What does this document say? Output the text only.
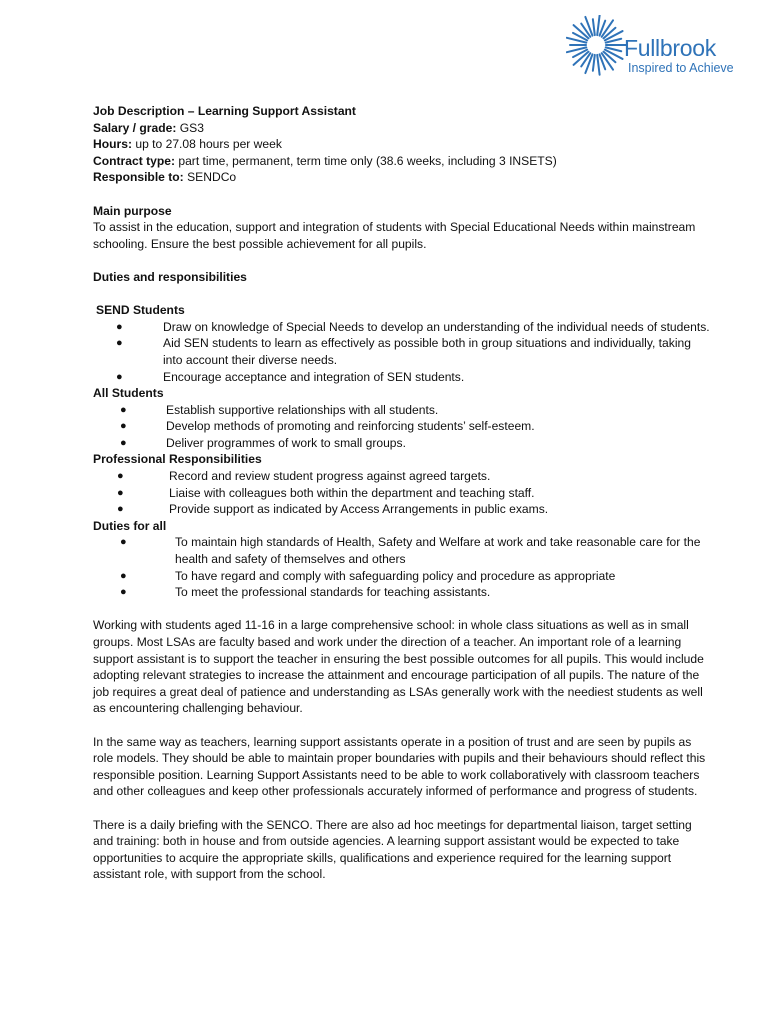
Fullbrook
Inspired to Achieve

Job Description – Learning Support Assistant

Salary / grade: GS3

Hours: up to 27.08 hours per week

Contract type: part time, permanent, term time only (38.6 weeks, including 3 INSETS)

Responsible to: SENDCo

Main purpose

To assist in the education, support and integration of students with Special Educational Needs within mainstream schooling. Ensure the best possible achievement for all pupils.

Duties and responsibilities

SEND Students

●	Draw on knowledge of Special Needs to develop an understanding of the individual needs of students.
●	Aid SEN students to learn as effectively as possible both in group situations and individually, taking into account their diverse needs.
●	Encourage acceptance and integration of SEN students.

All Students

●	Establish supportive relationships with all students.
●	Develop methods of promoting and reinforcing students’ self-esteem.
●	Deliver programmes of work to small groups.

Professional Responsibilities

●	Record and review student progress against agreed targets.
●	Liaise with colleagues both within the department and teaching staff.
●	Provide support as indicated by Access Arrangements in public exams.

Duties for all

●	To maintain high standards of Health, Safety and Welfare at work and take reasonable care for the health and safety of themselves and others
●	To have regard and comply with safeguarding policy and procedure as appropriate
●	To meet the professional standards for teaching assistants.

Working with students aged 11-16 in a large comprehensive school: in whole class situations as well as in small groups. Most LSAs are faculty based and work under the direction of a teacher. An important role of a learning support assistant is to support the teacher in ensuring the best possible outcomes for all pupils. This would include adopting relevant strategies to increase the attainment and encourage participation of all pupils. The nature of the job requires a great deal of patience and understanding as LSAs generally work with the neediest students as well as encountering challenging behaviour.

In the same way as teachers, learning support assistants operate in a position of trust and are seen by pupils as role models. They should be able to maintain proper boundaries with pupils and their behaviours should reflect this responsible position. Learning Support Assistants need to be able to work collaboratively with classroom teachers and other colleagues and keep other professionals accurately informed of performance and progress of students.

There is a daily briefing with the SENCO. There are also ad hoc meetings for departmental liaison, target setting and training: both in house and from outside agencies. A learning support assistant would be expected to take opportunities to acquire the appropriate skills, qualifications and experience required for the learning support assistant role, with support from the school.
